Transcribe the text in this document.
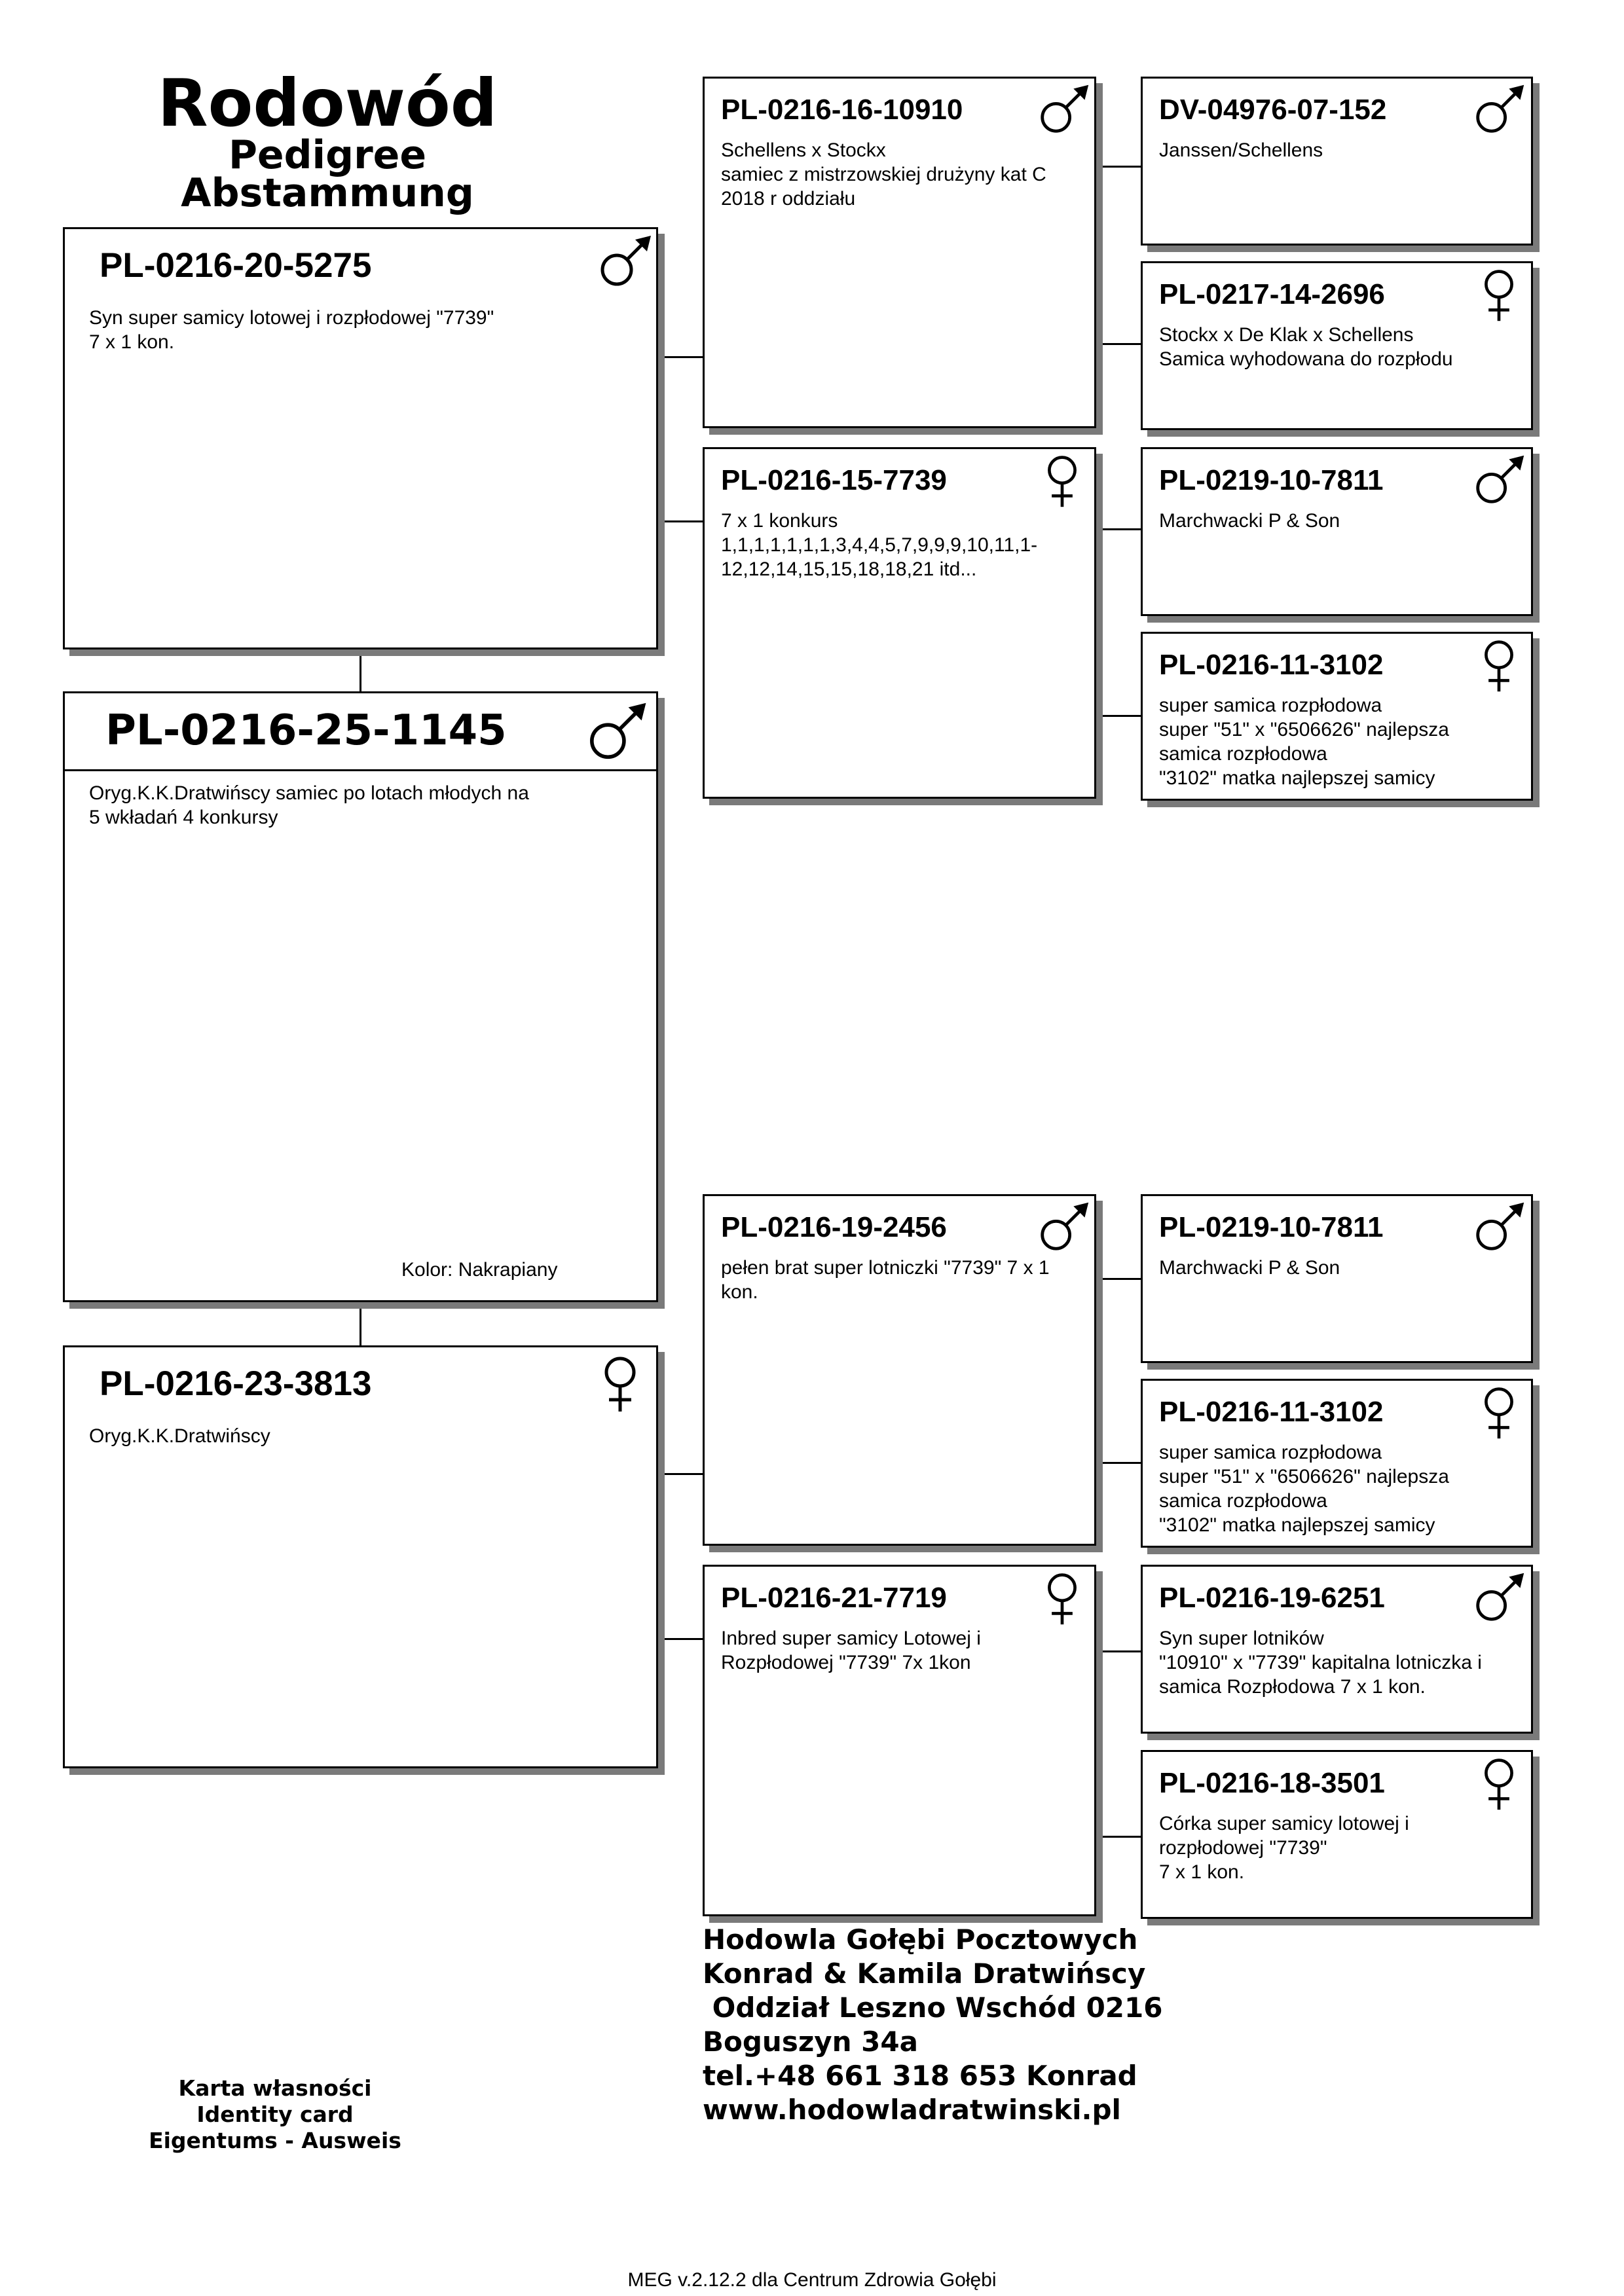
Rodowód
Pedigree
Abstammung
PL-0216-20-5275
Syn super samicy lotowej i rozpłodowej "7739"
7 x 1 kon.
PL-0216-25-1145
Oryg.K.K.Dratwińscy samiec po lotach młodych na
5 wkładań 4 konkursy
Kolor: Nakrapiany
PL-0216-23-3813
Oryg.K.K.Dratwińscy
PL-0216-16-10910
Schellens x Stockx
samiec z mistrzowskiej drużyny kat C
2018 r oddziału
PL-0216-15-7739
7 x 1 konkurs
1,1,1,1,1,1,1,3,4,4,5,7,9,9,9,10,11,1-
12,12,14,15,15,18,18,21 itd...
PL-0216-19-2456
pełen brat super lotniczki "7739" 7 x 1
kon.
PL-0216-21-7719
Inbred super samicy Lotowej i
Rozpłodowej "7739" 7x 1kon
DV-04976-07-152
Janssen/Schellens
PL-0217-14-2696
Stockx x De Klak x Schellens
Samica wyhodowana do rozpłodu
PL-0219-10-7811
Marchwacki P & Son
PL-0216-11-3102
super samica rozpłodowa
super "51" x "6506626" najlepsza
samica rozpłodowa
"3102" matka najlepszej samicy
PL-0219-10-7811
Marchwacki P & Son
PL-0216-11-3102
super samica rozpłodowa
super "51" x "6506626" najlepsza
samica rozpłodowa
"3102" matka najlepszej samicy
PL-0216-19-6251
Syn super lotników
"10910" x "7739" kapitalna lotniczka i
samica Rozpłodowa 7 x 1 kon.
PL-0216-18-3501
Córka super samicy lotowej i
rozpłodowej "7739"
7 x 1 kon.
Hodowla Gołębi Pocztowych
Konrad & Kamila Dratwińscy
Oddział Leszno Wschód 0216
Boguszyn 34a
tel.+48 661 318 653 Konrad
www.hodowladratwinski.pl
Karta własności
Identity card
Eigentums - Ausweis
MEG v.2.12.2 dla Centrum Zdrowia Gołębi
